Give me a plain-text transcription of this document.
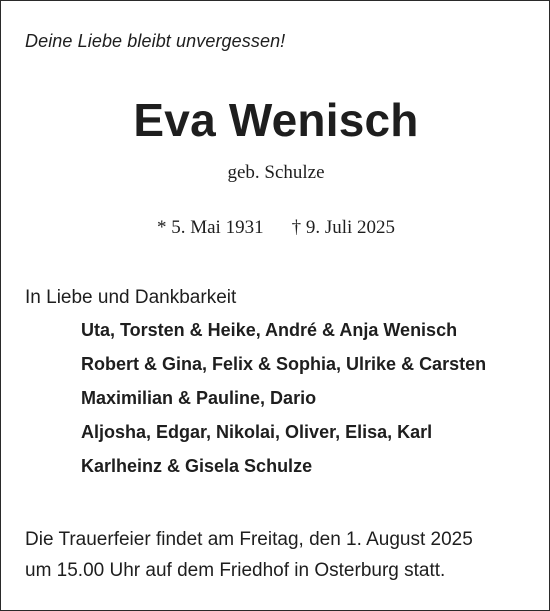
Deine Liebe bleibt unvergessen!
Eva Wenisch
geb. Schulze
* 5. Mai 1931 † 9. Juli 2025
In Liebe und Dankbarkeit
Uta, Torsten & Heike, André & Anja Wenisch
Robert & Gina, Felix & Sophia, Ulrike & Carsten
Maximilian & Pauline, Dario
Aljosha, Edgar, Nikolai, Oliver, Elisa, Karl
Karlheinz & Gisela Schulze
Die Trauerfeier findet am Freitag, den 1. August 2025
um 15.00 Uhr auf dem Friedhof in Osterburg statt.
